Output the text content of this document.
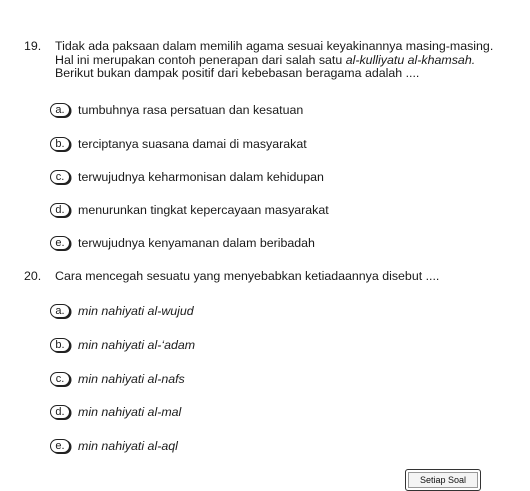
19. Tidak ada paksaan dalam memilih agama sesuai keyakinannya masing-masing.
Hal ini merupakan contoh penerapan dari salah satu al-kulliyatu al-khamsah.
Berikut bukan dampak positif dari kebebasan beragama adalah ....
a.	tumbuhnya rasa persatuan dan kesatuan
b.	terciptanya suasana damai di masyarakat
c.	terwujudnya keharmonisan dalam kehidupan
d.	menurunkan tingkat kepercayaan masyarakat
e.	terwujudnya kenyamanan dalam beribadah
20. Cara mencegah sesuatu yang menyebabkan ketiadaannya disebut ....
a.	min nahiyati al-wujud
b.	min nahiyati al-‘adam
c.	min nahiyati al-nafs
d.	min nahiyati al-mal
e.	min nahiyati al-aql
Setiap Soal
